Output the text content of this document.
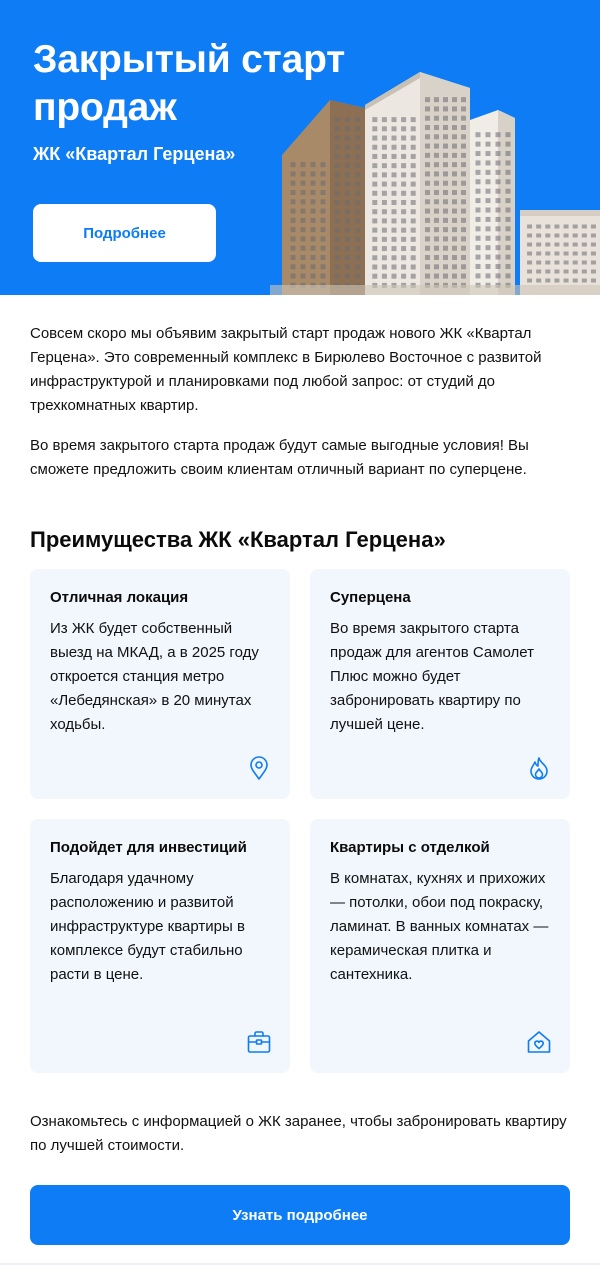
Закрытый старт продаж
ЖК «Квартал Герцена»
Подробнее

Совсем скоро мы объявим закрытый старт продаж нового ЖК «Квартал Герцена». Это современный комплекс в Бирюлево Восточное с развитой инфраструктурой и планировками под любой запрос: от студий до трехкомнатных квартир.

Во время закрытого старта продаж будут самые выгодные условия! Вы сможете предложить своим клиентам отличный вариант по суперцене.

Преимущества ЖК «Квартал Герцена»
Отличная локация
Из ЖК будет собственный выезд на МКАД, а в 2025 году откроется станция метро «Лебедянская» в 20 минутах ходьбы.
Суперцена
Во время закрытого старта продаж для агентов Самолет Плюс можно будет забронировать квартиру по лучшей цене.
Подойдет для инвестиций
Благодаря удачному расположению и развитой инфраструктуре квартиры в комплексе будут стабильно расти в цене.
Квартиры с отделкой
В комнатах, кухнях и прихожих — потолки, обои под покраску, ламинат. В ванных комнатах — керамическая плитка и сантехника.

Ознакомьтесь с информацией о ЖК заранее, чтобы забронировать квартиру по лучшей стоимости.

Узнать подробнее
